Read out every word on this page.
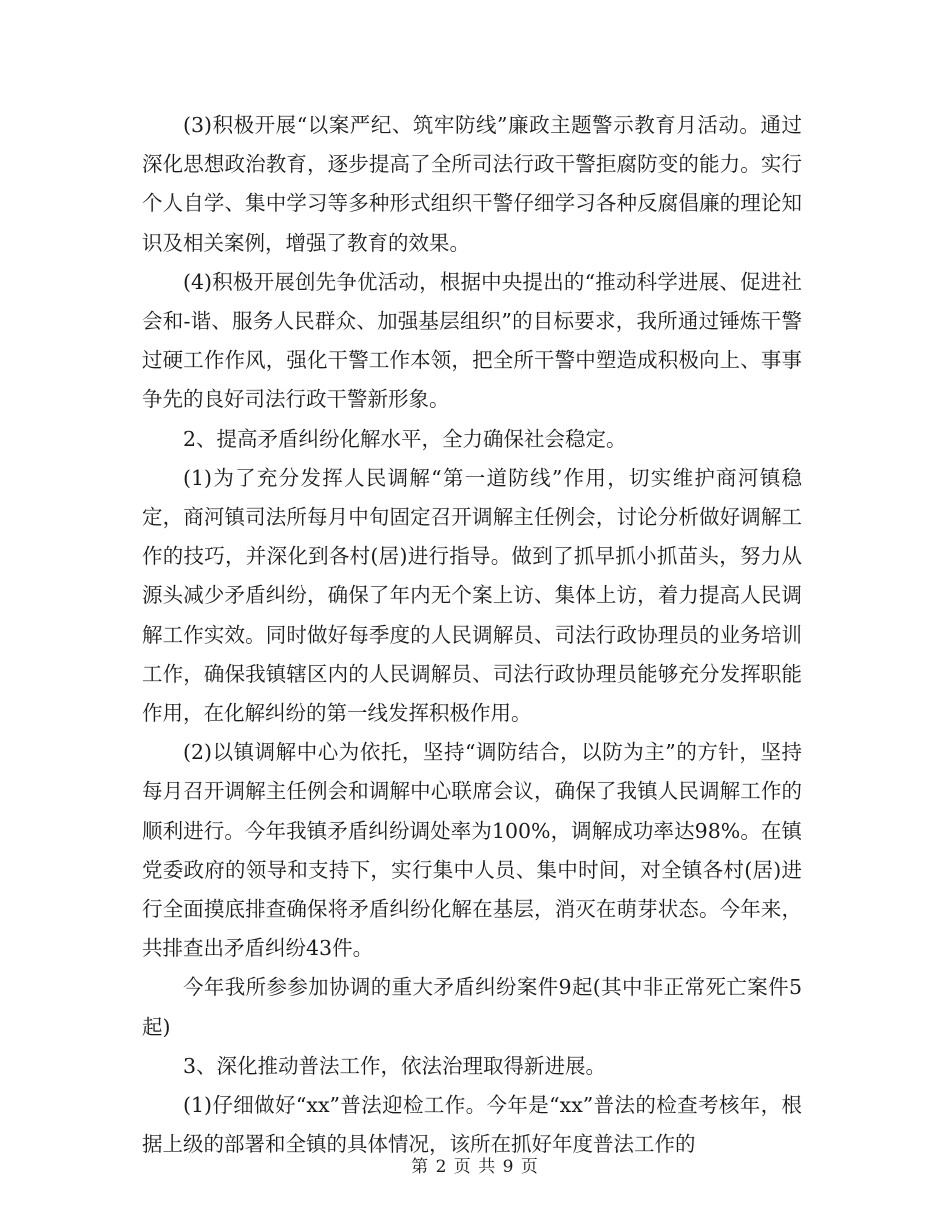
(3)积极开展“以案严纪、筑牢防线”廉政主题警示教育月活动。通过深化思想政治教育，逐步提高了全所司法行政干警拒腐防变的能力。实行个人自学、集中学习等多种形式组织干警仔细学习各种反腐倡廉的理论知识及相关案例，增强了教育的效果。

(4)积极开展创先争优活动，根据中央提出的“推动科学进展、促进社会和-谐、服务人民群众、加强基层组织”的目标要求，我所通过锤炼干警过硬工作作风，强化干警工作本领，把全所干警中塑造成积极向上、事事争先的良好司法行政干警新形象。

2、提高矛盾纠纷化解水平，全力确保社会稳定。

(1)为了充分发挥人民调解“第一道防线”作用，切实维护商河镇稳定，商河镇司法所每月中旬固定召开调解主任例会，讨论分析做好调解工作的技巧，并深化到各村(居)进行指导。做到了抓早抓小抓苗头，努力从源头减少矛盾纠纷，确保了年内无个案上访、集体上访，着力提高人民调解工作实效。同时做好每季度的人民调解员、司法行政协理员的业务培训工作，确保我镇辖区内的人民调解员、司法行政协理员能够充分发挥职能作用，在化解纠纷的第一线发挥积极作用。

(2)以镇调解中心为依托，坚持“调防结合，以防为主”的方针，坚持每月召开调解主任例会和调解中心联席会议，确保了我镇人民调解工作的顺利进行。今年我镇矛盾纠纷调处率为100%，调解成功率达98%。在镇党委政府的领导和支持下，实行集中人员、集中时间，对全镇各村(居)进行全面摸底排查确保将矛盾纠纷化解在基层，消灭在萌芽状态。今年来，共排查出矛盾纠纷43件。

今年我所参参加协调的重大矛盾纠纷案件9起(其中非正常死亡案件5起)

3、深化推动普法工作，依法治理取得新进展。

(1)仔细做好“xx”普法迎检工作。今年是“xx”普法的检查考核年，根据上级的部署和全镇的具体情况，该所在抓好年度普法工作的

第 2 页 共 9 页
